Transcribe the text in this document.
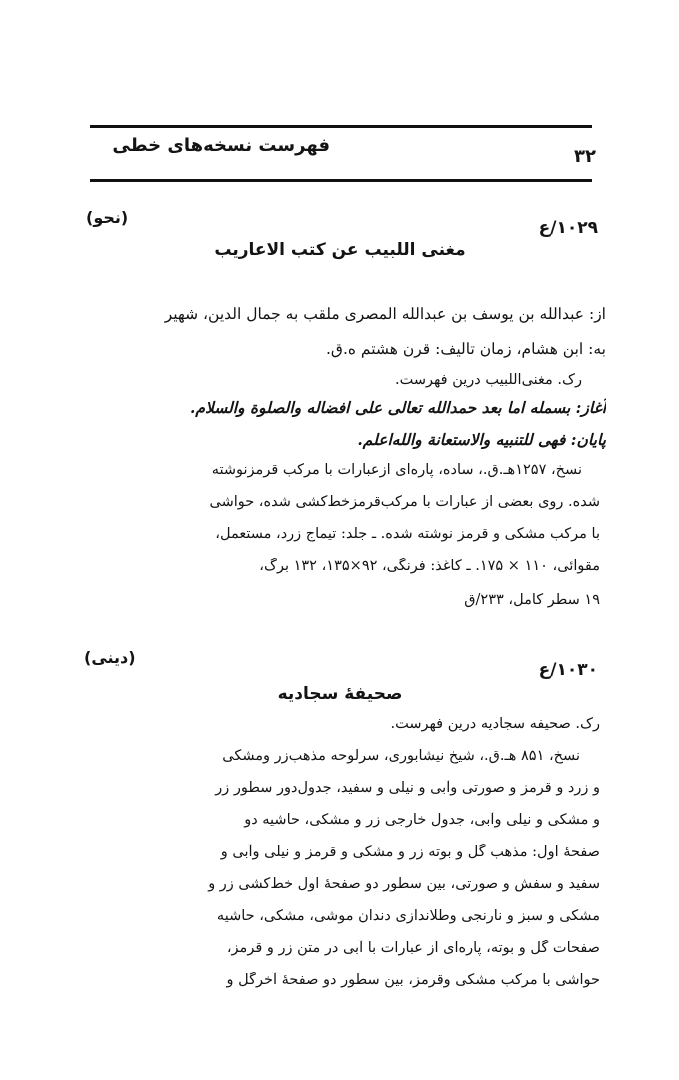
فهرست نسخه‌های خطی
۳۲
۱۰۲۹/ع
(نحو)
مغنی اللبیب عن کتب الاعاریب
از: عبدالله بن یوسف بن عبدالله المصری ملقب به جمال الدین، شهیر
به: ابن هشام، زمان تالیف: قرن هشتم ه.ق.
رک. مغنی‌اللبیب درین فهرست.
آغاز: بسمله اما بعد حمدالله تعالی علی افضاله والصلوة والسلام.
پایان: فهی للتنبیه والاستعانة والله‌اعلم.
نسخ، ۱۲۵۷هـ.ق.، ساده، پاره‌ای ازعبارات با مرکب قرمزنوشته
شده. روی بعضی از عبارات با مرکب‌قرمزخط‌کشی شده، حواشی
با مرکب مشکی و قرمز نوشته شده. ـ جلد: تیماج زرد، مستعمل،
مقوائی، ۱۱۰ × ۱۷۵. ـ کاغذ: فرنگی، ۹۲×۱۳۵، ۱۳۲ برگ،
۱۹ سطر کامل، ۲۳۳/ق
۱۰۳۰/ع
(دینی)
صحیفهٔ سجادیه
رک. صحیفه سجادیه درین فهرست.
نسخ، ۸۵۱ هـ.ق.، شیخ نیشابوری، سرلوحه مذهب‌زر ومشکی
و زرد و قرمز و صورتی وآبی و نیلی و سفید، جدول‌دور سطور زر
و مشکی و نیلی وآبی، جدول خارجی زر و مشکی، حاشیه دو
صفحهٔ اول: مذهب گل و بوته زر و مشکی و قرمز و نیلی وآبی و
سفید و سفش و صورتی، بین سطور دو صفحهٔ اول خط‌کشی زر و
مشکی و سبز و نارنجی وطلاندازی دندان موشی، مشکی، حاشیه
صفحات گل و بوته، پاره‌ای از عبارات با آبی در متن زر و قرمز،
حواشی با مرکب مشکی وقرمز، بین سطور دو صفحهٔ آخرگل و
